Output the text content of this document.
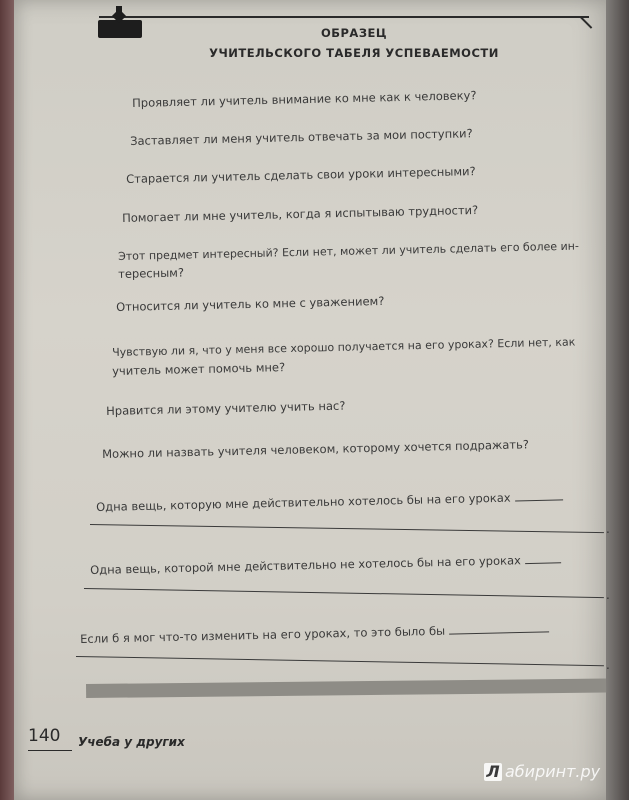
ОБРАЗЕЦ
УЧИТЕЛЬСКОГО ТАБЕЛЯ УСПЕВАЕМОСТИ
Проявляет ли учитель внимание ко мне как к человеку?
Заставляет ли меня учитель отвечать за мои поступки?
Старается ли учитель сделать свои уроки интересными?
Помогает ли мне учитель, когда я испытываю трудности?
Этот предмет интересный? Если нет, может ли учитель сделать его более ин-
тересным?
Относится ли учитель ко мне с уважением?
Чувствую ли я, что у меня все хорошо получается на его уроках? Если нет, как
учитель может помочь мне?
Нравится ли этому учителю учить нас?
Можно ли назвать учителя человеком, которому хочется подражать?
Одна вещь, которую мне действительно хотелось бы на его уроках
.
Одна вещь, которой мне действительно не хотелось бы на его уроках
.
Если б я мог что-то изменить на его уроках, то это было бы
.
140 Учеба у других
Л абиринт.ру
